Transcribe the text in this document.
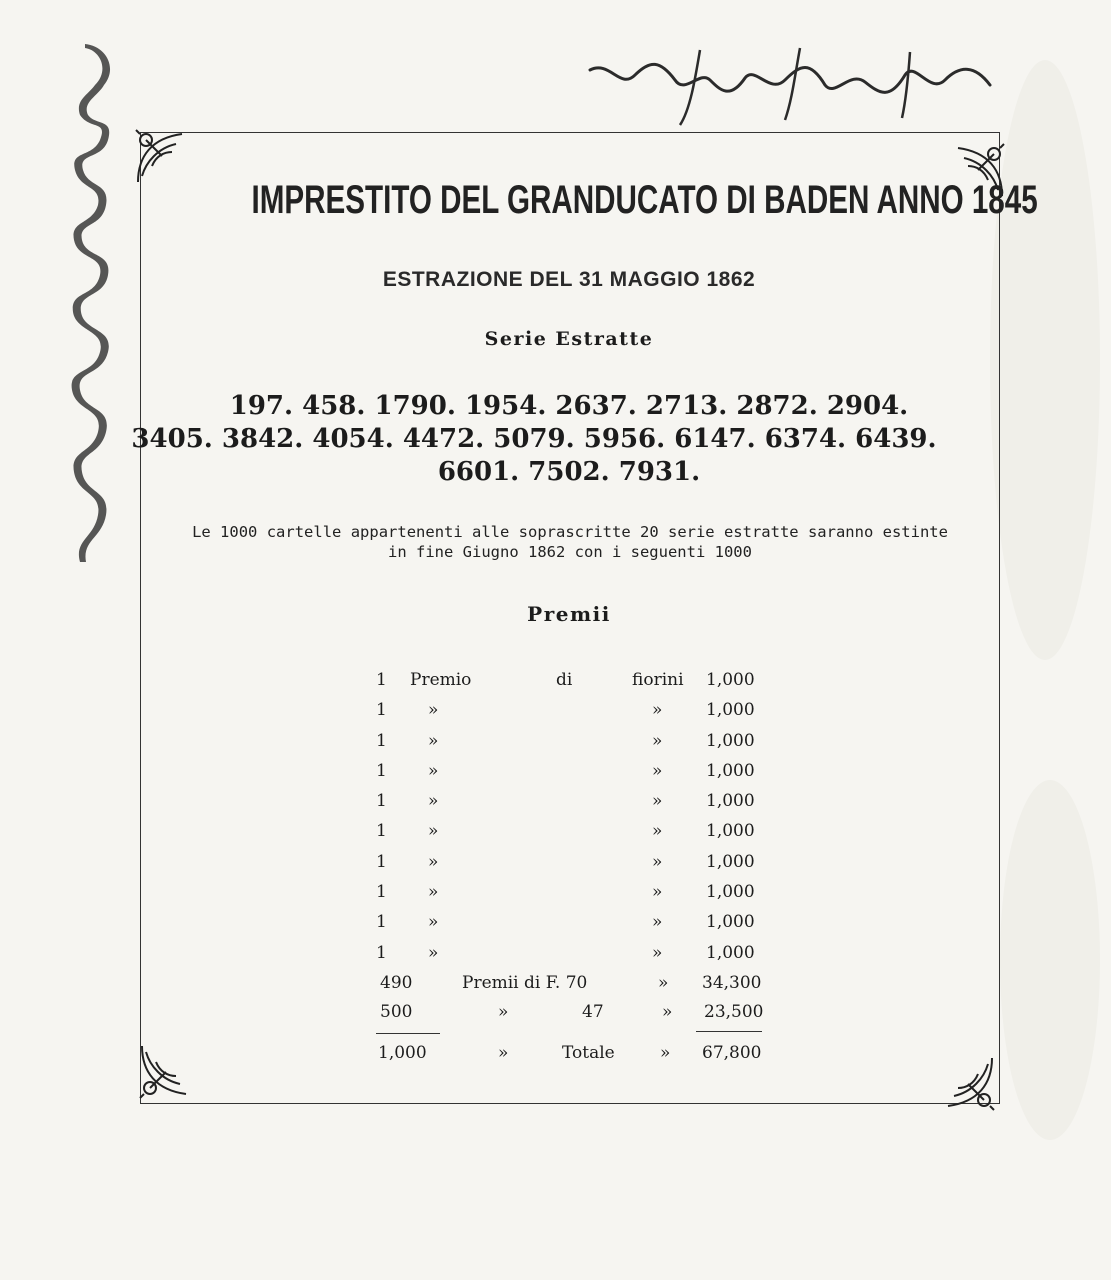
IMPRESTITO DEL GRANDUCATO DI BADEN ANNO 1845
ESTRAZIONE DEL 31 MAGGIO 1862
Serie Estratte
197. 458. 1790. 1954. 2637. 2713. 2872. 2904.
3405. 3842. 4054. 4472. 5079. 5956. 6147. 6374. 6439.
6601. 7502. 7931.
Le 1000 cartelle appartenenti alle soprascritte 20 serie estratte saranno estinte
in fine Giugno 1862 con i seguenti 1000
Premii
1 Premio	di	fiorini 1,000
1 »	»	1,000
1 »	»	1,000
1 »	»	1,000
1 »	»	1,000
1 »	»	1,000
1 »	»	1,000
1 »	»	1,000
1 »	»	1,000
1 »	»	1,000
490	Premii di F. 70	» 34,300
500	»	47	» 23,500
1,000	»	Totale	» 67,800
